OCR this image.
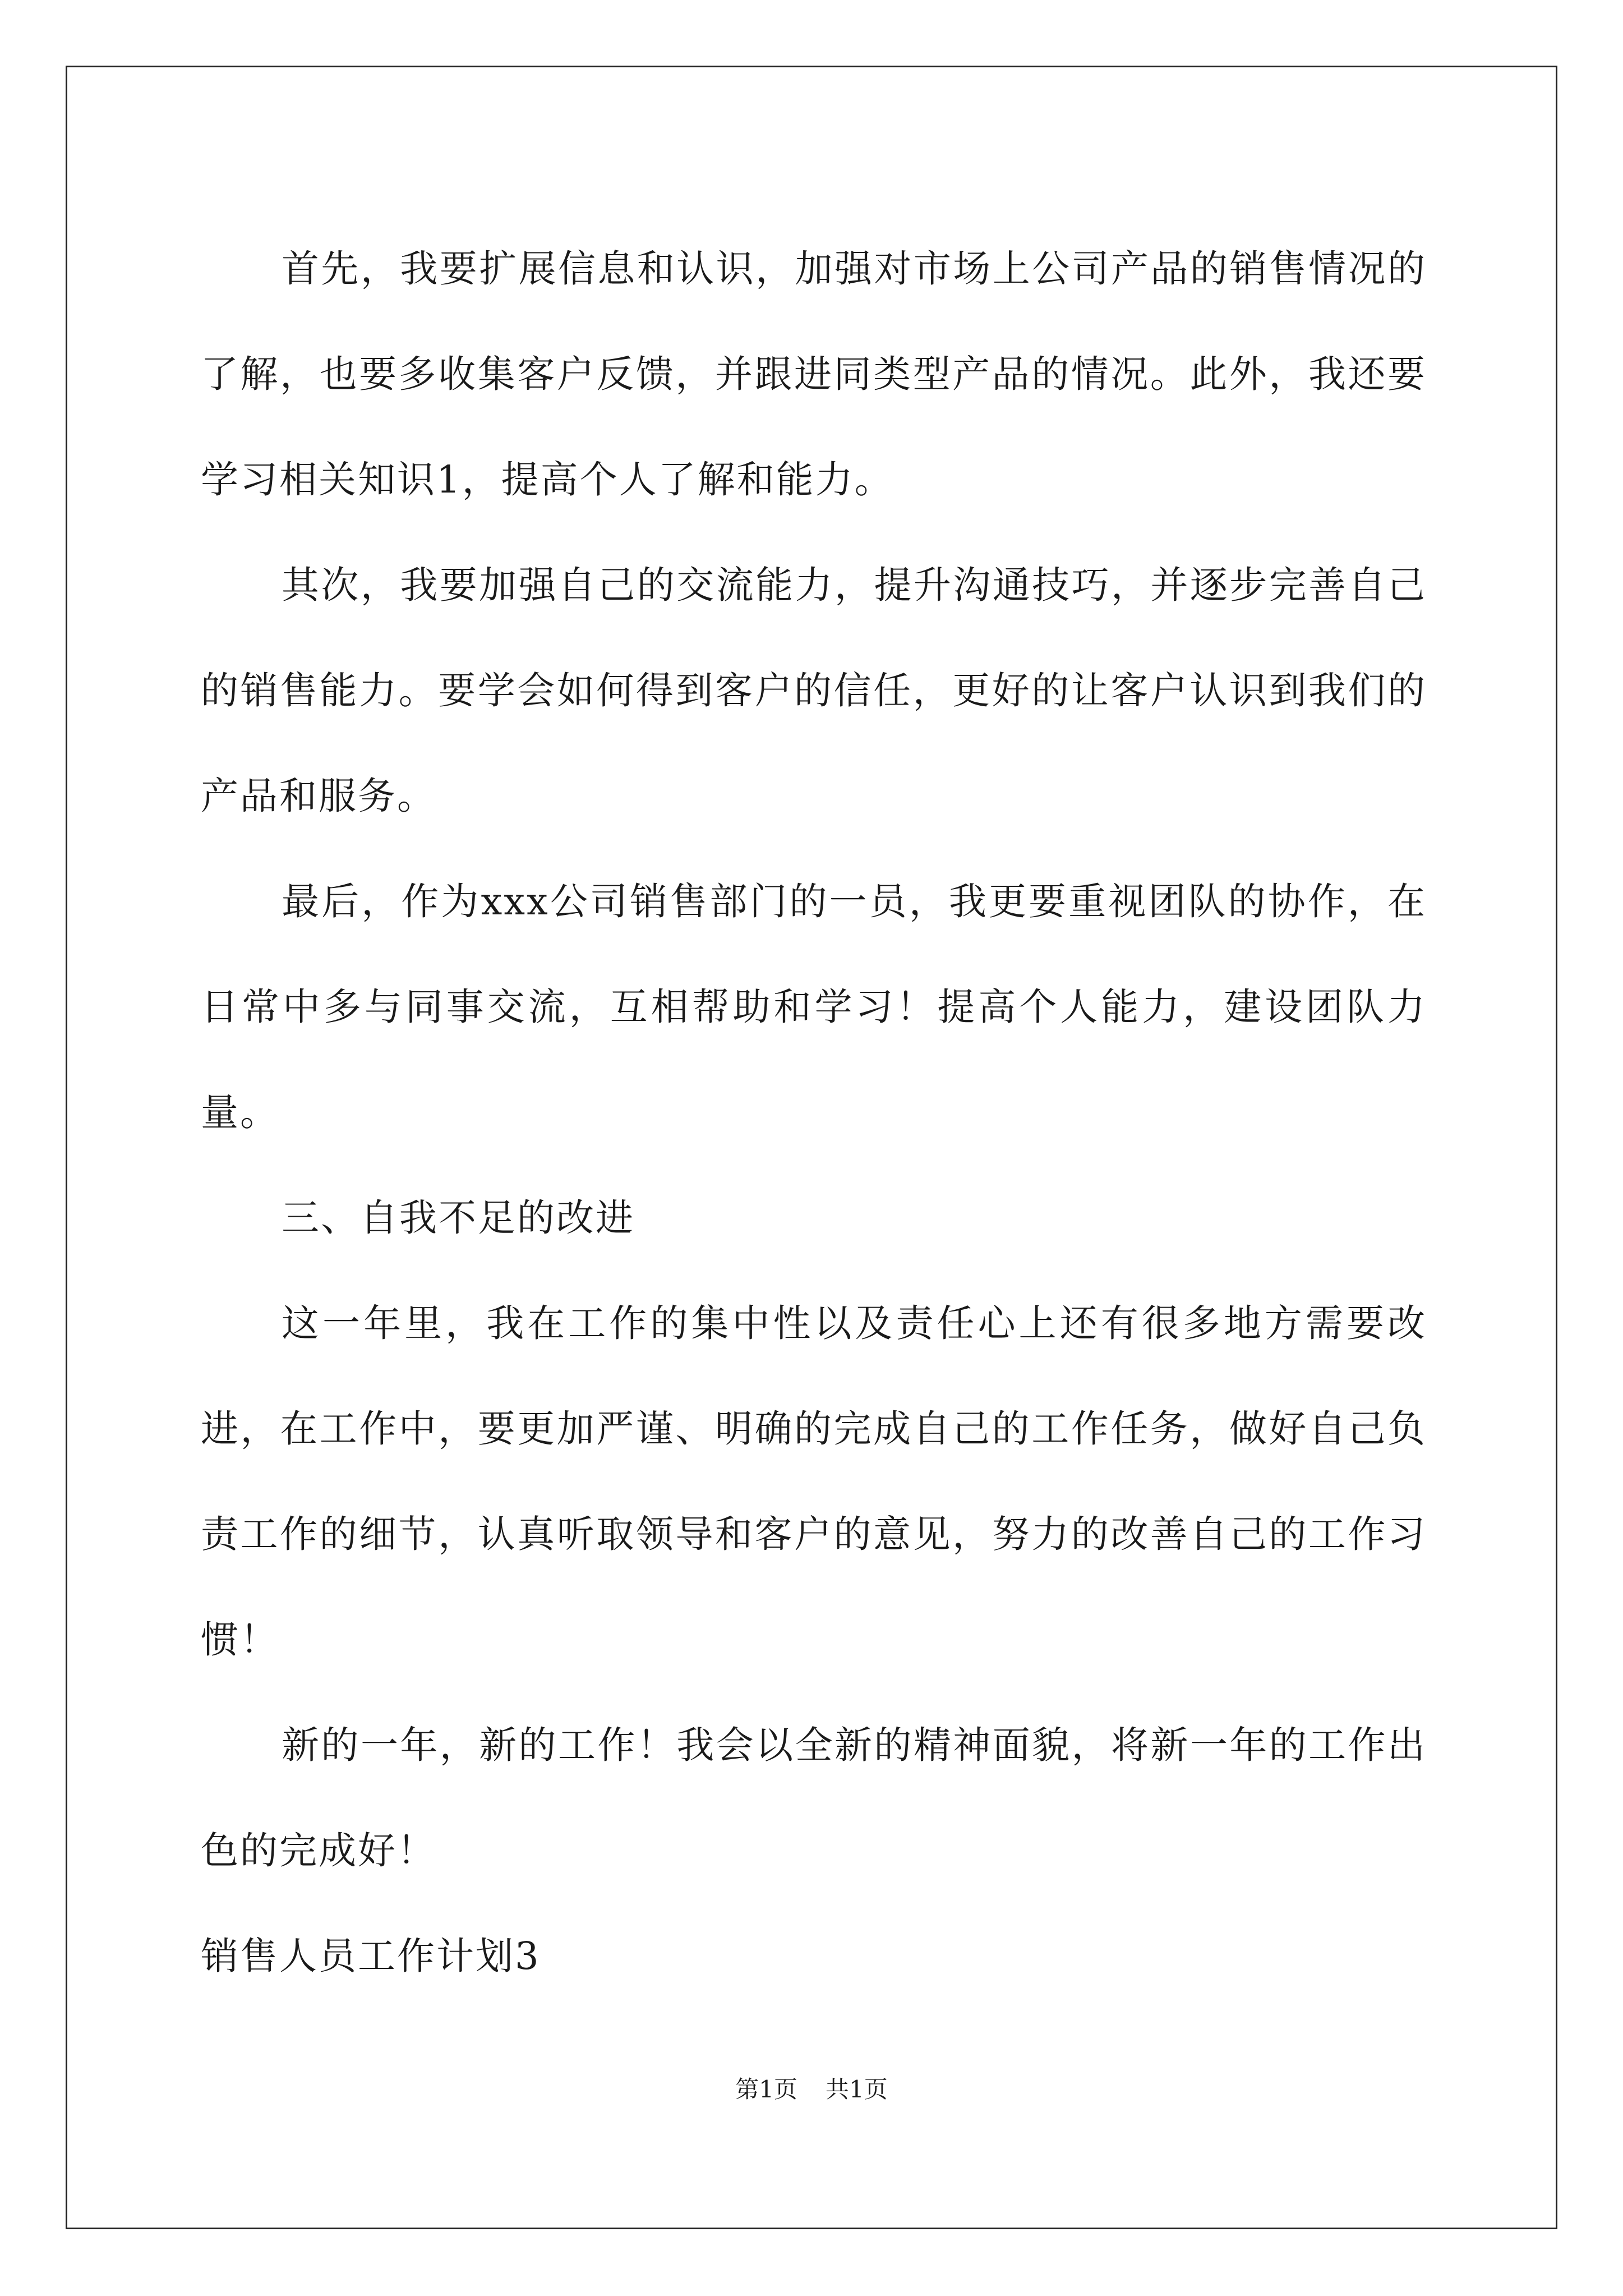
首先，我要扩展信息和认识，加强对市场上公司产品的销售情况的了解，也要多收集客户反馈，并跟进同类型产品的情况。此外，我还要学习相关知识1，提高个人了解和能力。

其次，我要加强自己的交流能力，提升沟通技巧，并逐步完善自己的销售能力。要学会如何得到客户的信任，更好的让客户认识到我们的产品和服务。

最后，作为xxx公司销售部门的一员，我更要重视团队的协作，在日常中多与同事交流，互相帮助和学习！提高个人能力，建设团队力量。

三、自我不足的改进

这一年里，我在工作的集中性以及责任心上还有很多地方需要改进，在工作中，要更加严谨、明确的完成自己的工作任务，做好自己负责工作的细节，认真听取领导和客户的意见，努力的改善自己的工作习惯！

新的一年，新的工作！我会以全新的精神面貌，将新一年的工作出色的完成好！

销售人员工作计划3

第1页 共1页
